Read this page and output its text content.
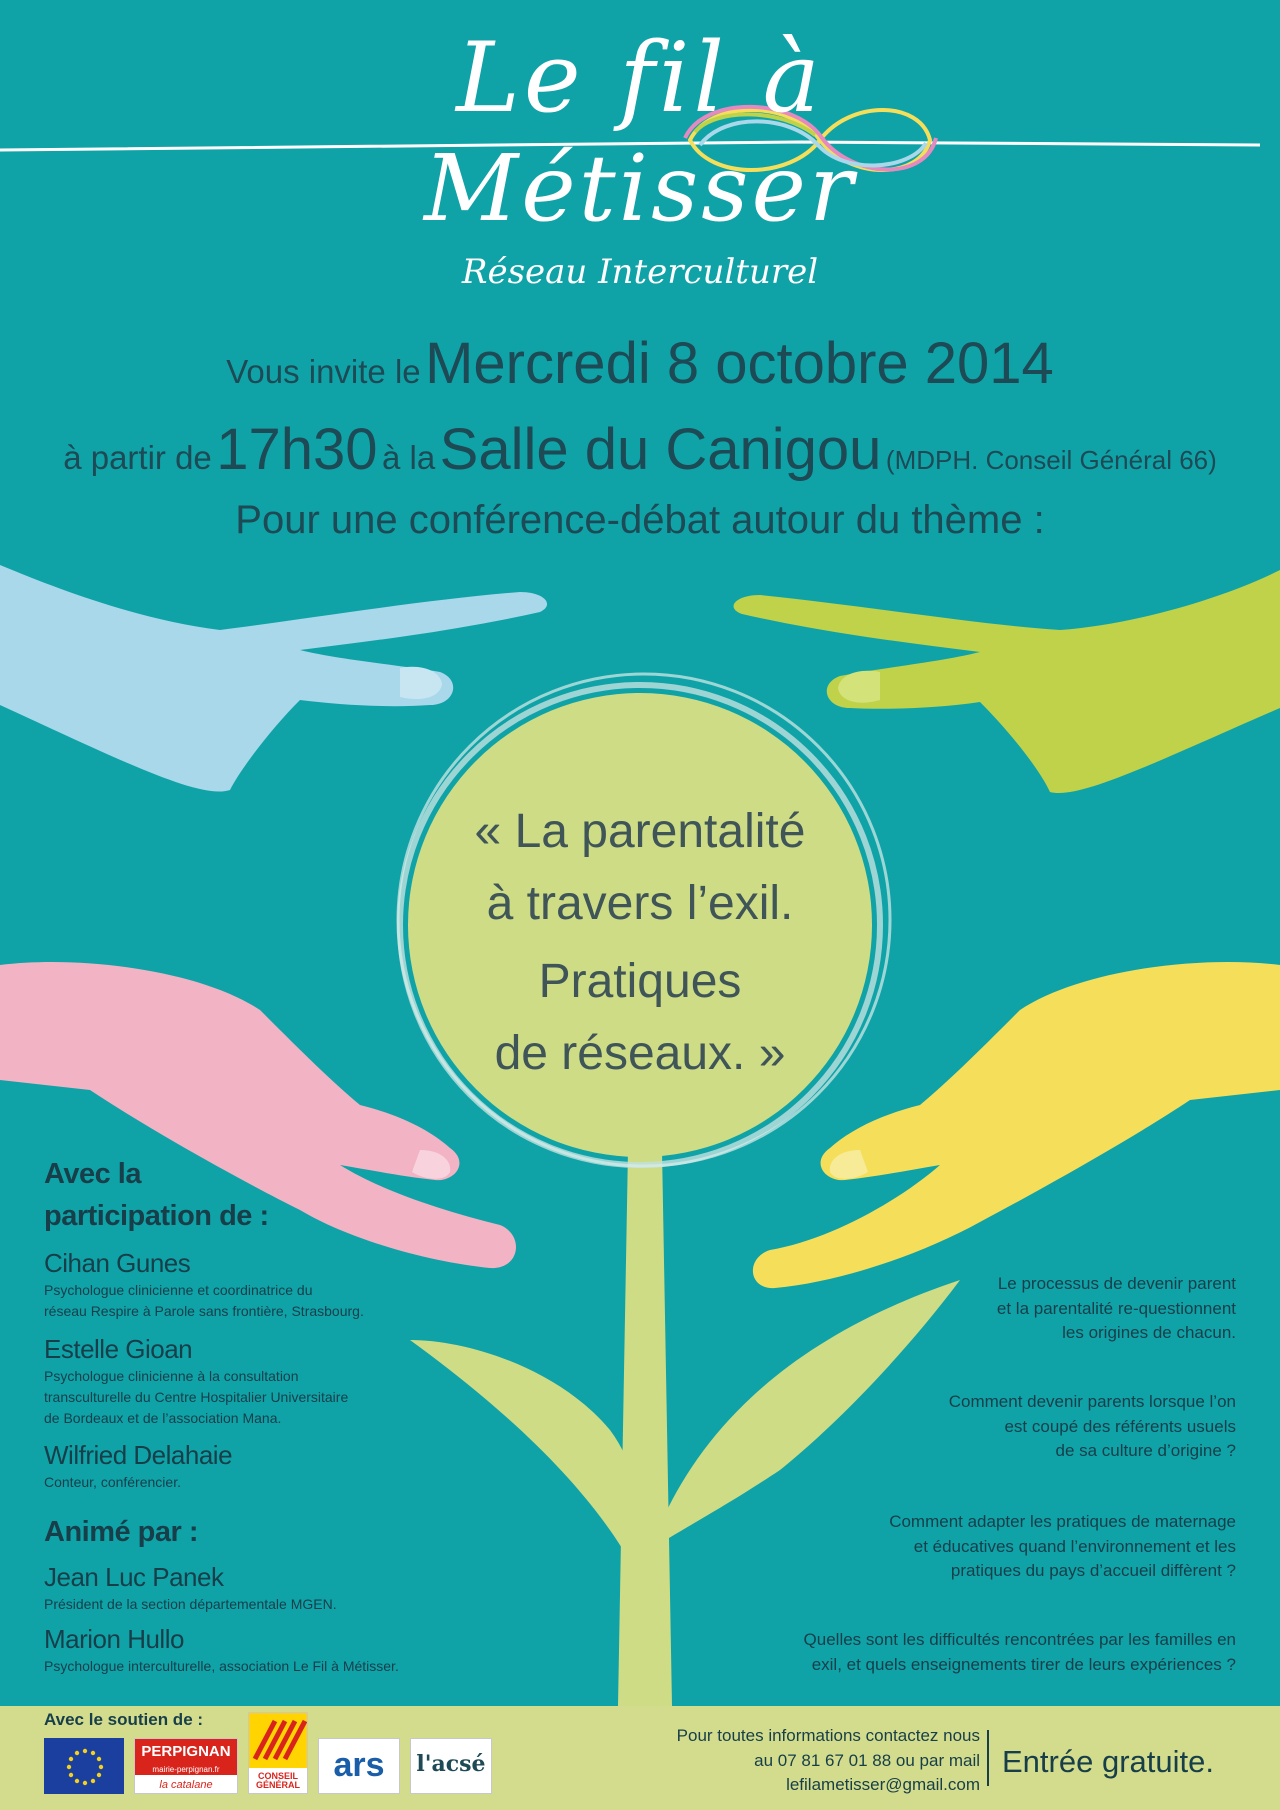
Le fil à
Métisser
Réseau Interculturel
Vous invite le Mercredi 8 octobre 2014
à partir de 17h30 à la Salle du Canigou (MDPH. Conseil Général 66)
Pour une conférence-débat autour du thème :
« La parentalité
à travers l’exil.
Pratiques
de réseaux. »
Avec la
participation de :
Cihan Gunes
Psychologue clinicienne et coordinatrice du
réseau Respire à Parole sans frontière, Strasbourg.
Estelle Gioan
Psychologue clinicienne à la consultation
transculturelle du Centre Hospitalier Universitaire
de Bordeaux et de l’association Mana.
Wilfried Delahaie
Conteur, conférencier.
Animé par :
Jean Luc Panek
Président de la section départementale MGEN.
Marion Hullo
Psychologue interculturelle, association Le Fil à Métisser.
Le processus de devenir parent
et la parentalité re-questionnent
les origines de chacun.
Comment devenir parents lorsque l’on
est coupé des référents usuels
de sa culture d’origine ?
Comment adapter les pratiques de maternage
et éducatives quand l’environnement et les
pratiques du pays d’accueil diffèrent ?
Quelles sont les difficultés rencontrées par les familles en
exil, et quels enseignements tirer de leurs expériences ?
Avec le soutien de :
PERPIGNAN
mairie-perpignan.fr
la catalane
CONSEIL GÉNÉRAL
ars	l'acsé
Pour toutes informations contactez nous
au 07 81 67 01 88 ou par mail
lefilametisser@gmail.com
Entrée gratuite.
